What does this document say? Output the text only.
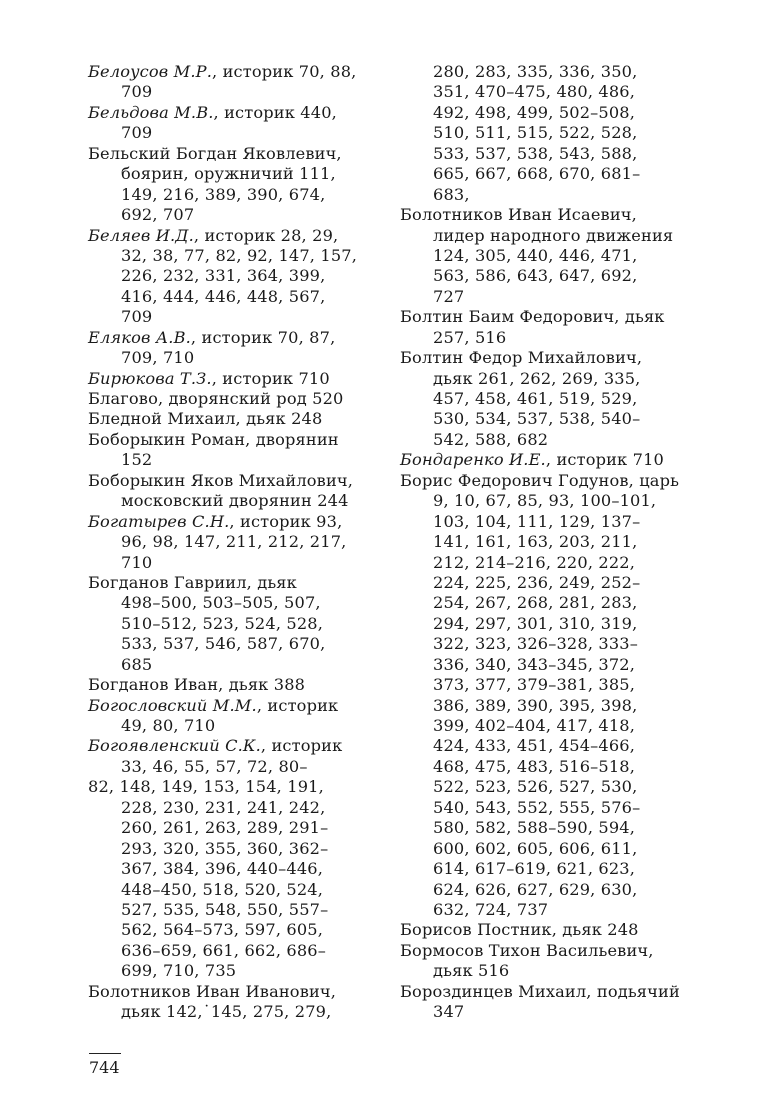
Белоусов М.Р., историк 70, 88,
709
Бельдова М.В., историк 440,
709
Бельский Богдан Яковлевич,
боярин, оружничий 111,
149, 216, 389, 390, 674,
692, 707
Беляев И.Д., историк 28, 29,
32, 38, 77, 82, 92, 147, 157,
226, 232, 331, 364, 399,
416, 444, 446, 448, 567,
709
Еляков А.В., историк 70, 87,
709, 710
Бирюкова Т.З., историк 710
Благово, дворянский род 520
Бледной Михаил, дьяк 248
Боборыкин Роман, дворянин
152
Боборыкин Яков Михайлович,
московский дворянин 244
Богатырев С.Н., историк 93,
96, 98, 147, 211, 212, 217,
710
Богданов Гавриил, дьяк
498–500, 503–505, 507,
510–512, 523, 524, 528,
533, 537, 546, 587, 670,
685
Богданов Иван, дьяк 388
Богословский М.М., историк
49, 80, 710
Богоявленский С.К., историк
33, 46, 55, 57, 72, 80–
82, 148, 149, 153, 154, 191,
228, 230, 231, 241, 242,
260, 261, 263, 289, 291–
293, 320, 355, 360, 362–
367, 384, 396, 440–446,
448–450, 518, 520, 524,
527, 535, 548, 550, 557–
562, 564–573, 597, 605,
636–659, 661, 662, 686–
699, 710, 735
Болотников Иван Иванович,
дьяк 142,˙145, 275, 279,
280, 283, 335, 336, 350,
351, 470–475, 480, 486,
492, 498, 499, 502–508,
510, 511, 515, 522, 528,
533, 537, 538, 543, 588,
665, 667, 668, 670, 681–
683,
Болотников Иван Исаевич,
лидер народного движения
124, 305, 440, 446, 471,
563, 586, 643, 647, 692,
727
Болтин Баим Федорович, дьяк
257, 516
Болтин Федор Михайлович,
дьяк 261, 262, 269, 335,
457, 458, 461, 519, 529,
530, 534, 537, 538, 540–
542, 588, 682
Бондаренко И.Е., историк 710
Борис Федорович Годунов, царь
9, 10, 67, 85, 93, 100–101,
103, 104, 111, 129, 137–
141, 161, 163, 203, 211,
212, 214–216, 220, 222,
224, 225, 236, 249, 252–
254, 267, 268, 281, 283,
294, 297, 301, 310, 319,
322, 323, 326–328, 333–
336, 340, 343–345, 372,
373, 377, 379–381, 385,
386, 389, 390, 395, 398,
399, 402–404, 417, 418,
424, 433, 451, 454–466,
468, 475, 483, 516–518,
522, 523, 526, 527, 530,
540, 543, 552, 555, 576–
580, 582, 588–590, 594,
600, 602, 605, 606, 611,
614, 617–619, 621, 623,
624, 626, 627, 629, 630,
632, 724, 737
Борисов Постник, дьяк 248
Бормосов Тихон Васильевич,
дьяк 516
Бороздинцев Михаил, подьячий
347
744
